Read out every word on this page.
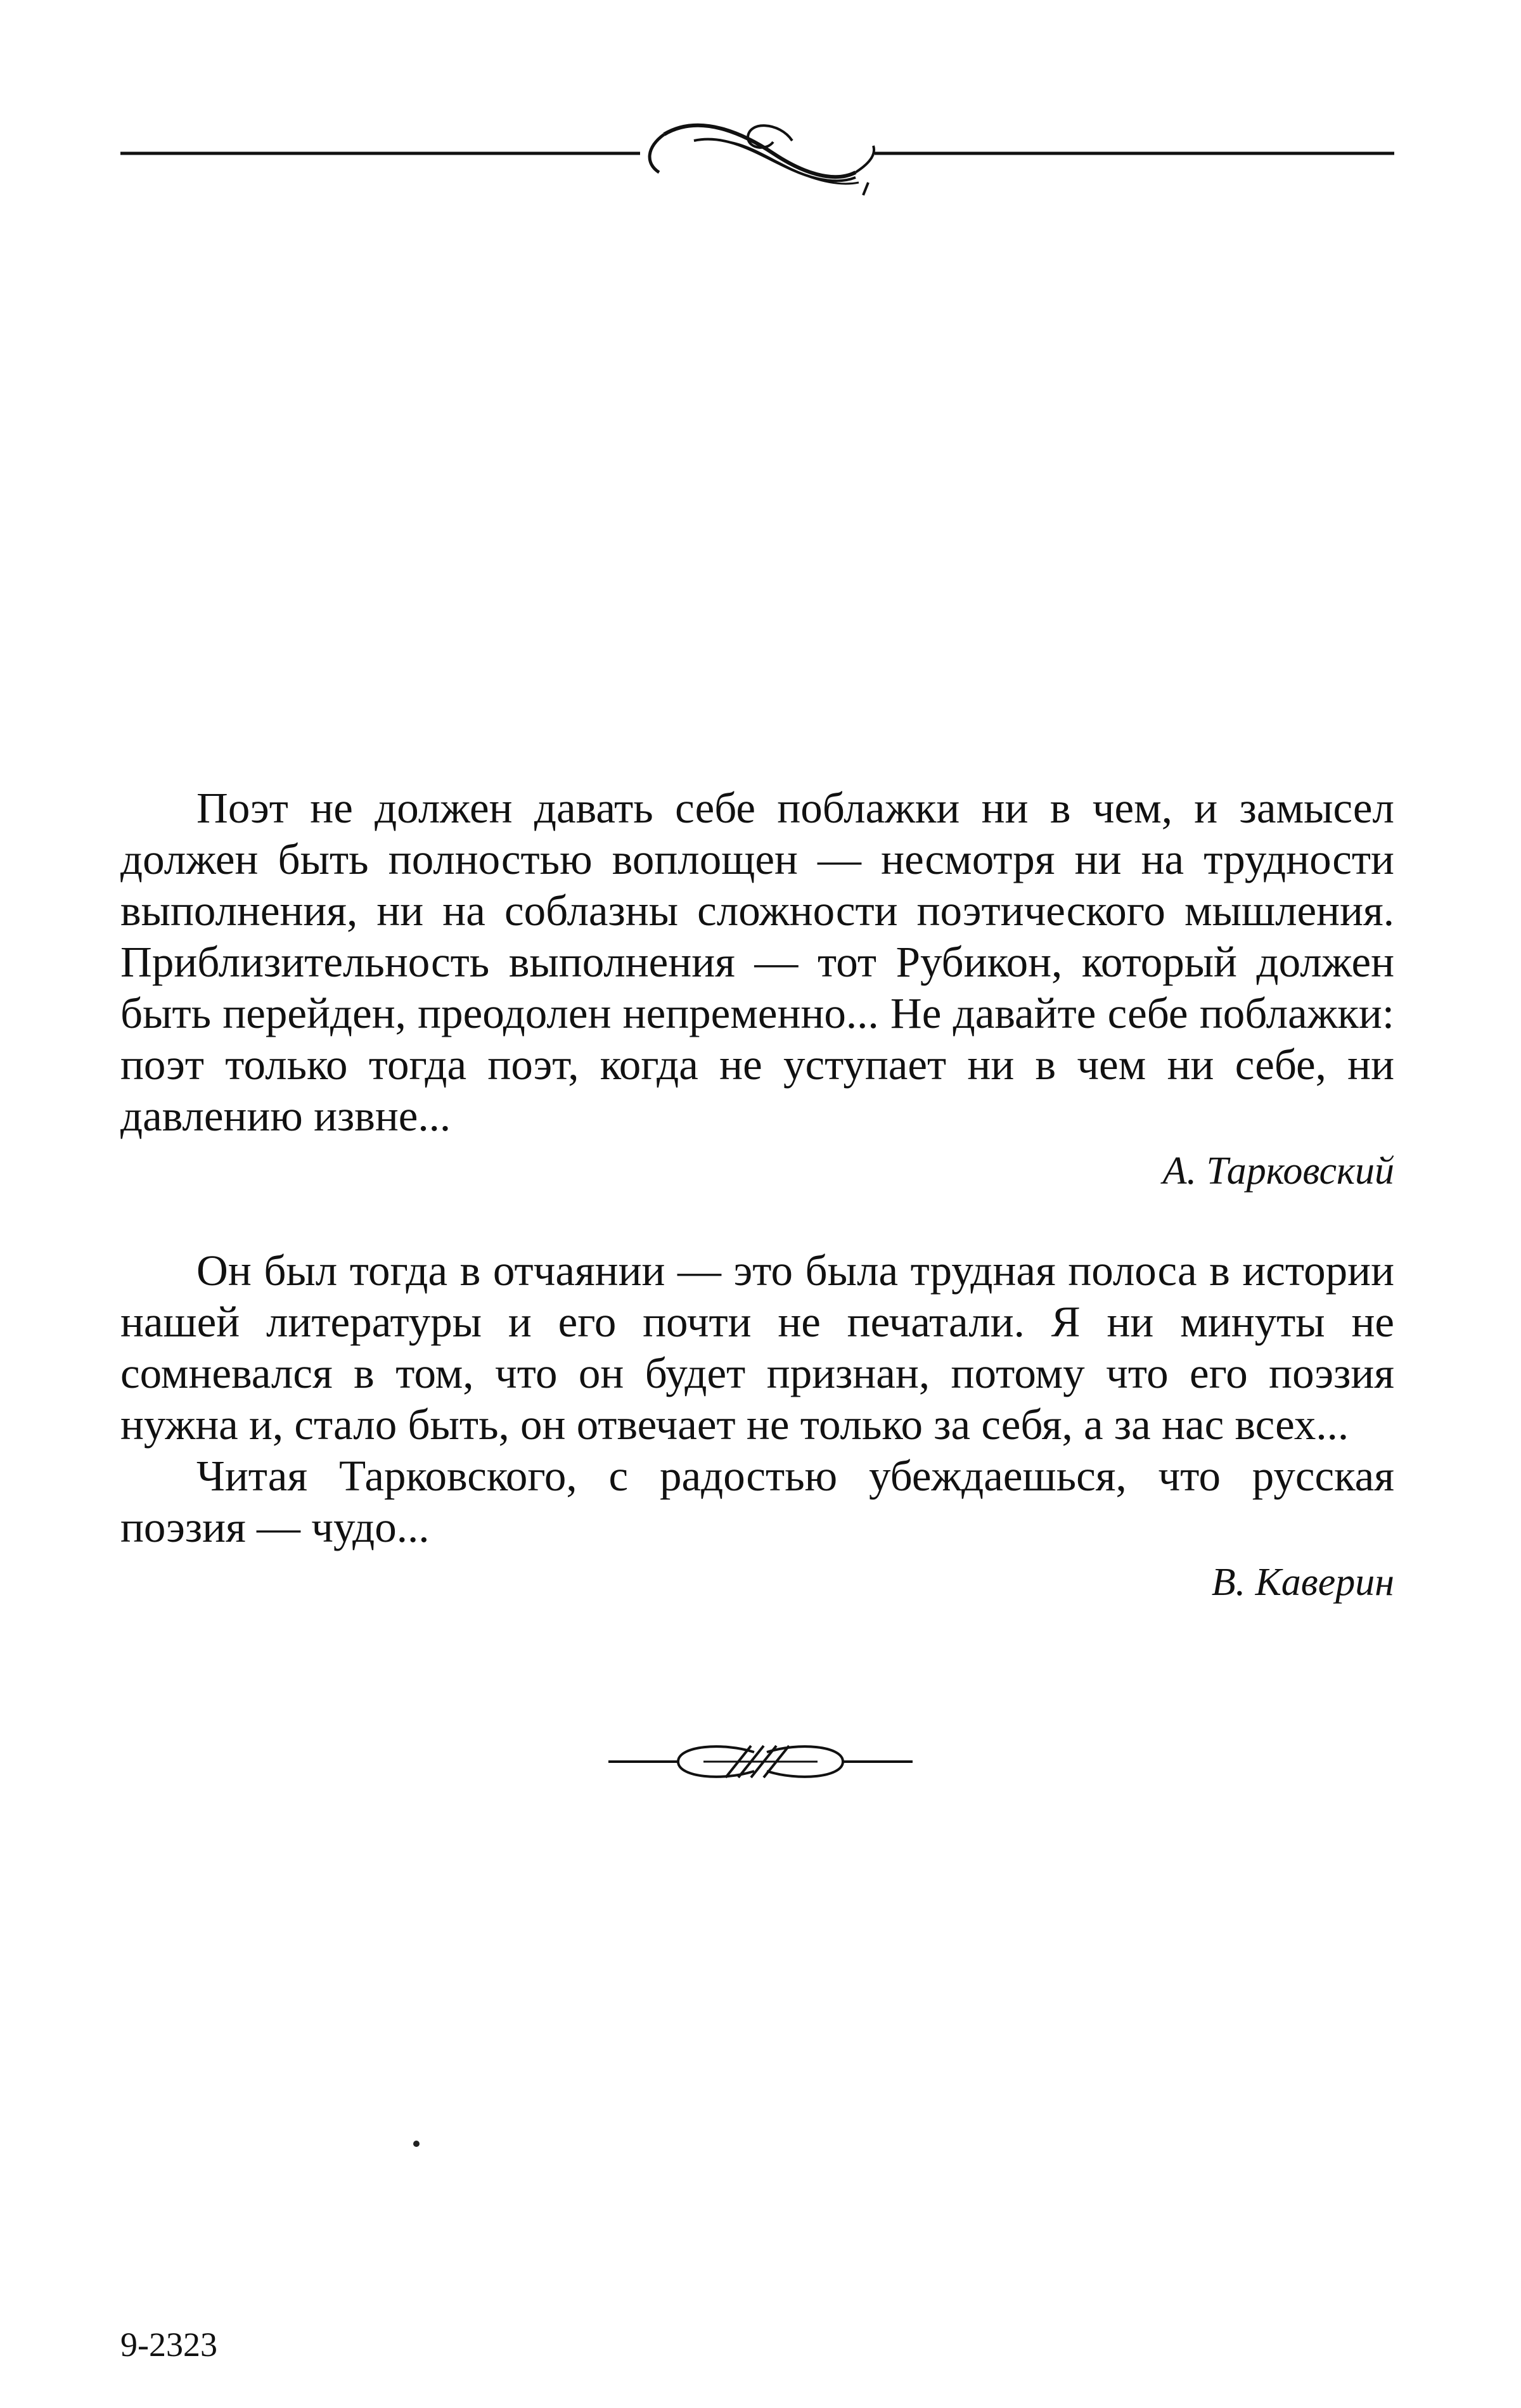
Поэт не должен давать себе поблажки ни в чем, и замысел должен быть полностью воплощен — несмотря ни на трудности выполнения, ни на соблазны сложности поэтического мышления. Приблизительность выполнения — тот Рубикон, который должен быть перейден, преодолен непременно... Не давайте себе поблажки: поэт только тогда поэт, когда не уступает ни в чем ни себе, ни давлению извне...

А. Тарковский

Он был тогда в отчаянии — это была трудная полоса в истории нашей литературы и его почти не печатали. Я ни минуты не сомневался в том, что он будет признан, потому что его поэзия нужна и, стало быть, он отвечает не только за себя, а за нас всех...

Читая Тарковского, с радостью убеждаешься, что русская поэзия — чудо...

В. Каверин

9-2323
